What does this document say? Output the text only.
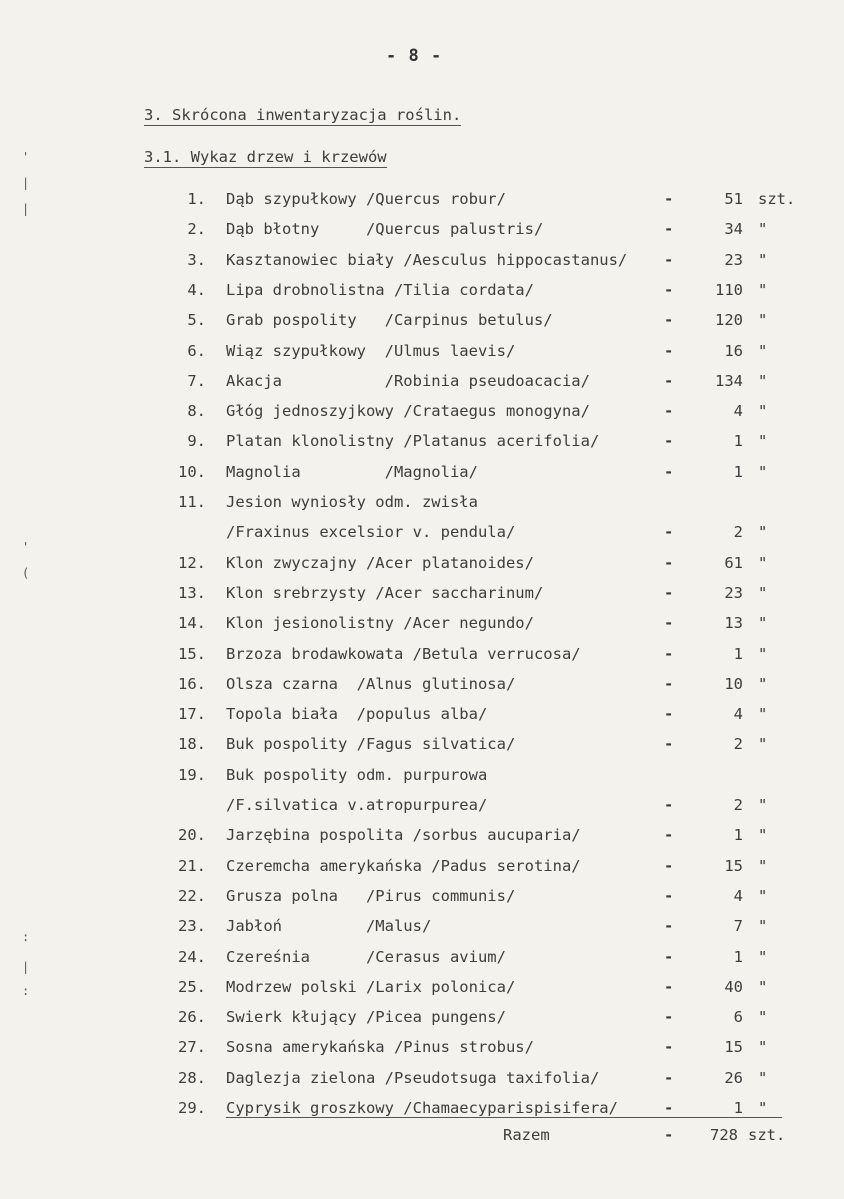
- 8 -
3. Skrócona inwentaryzacja roślin.
3.1. Wykaz drzew i krzewów
1. Dąb szypułkowy /Quercus robur/	-	51 szt.
2. Dąb błotny     /Quercus palustris/	-	34 "
3. Kasztanowiec biały /Aesculus hippocastanus/ -	23 "
4. Lipa drobnolistna /Tilia cordata/	-	110 "
5. Grab pospolity   /Carpinus betulus/	-	120 "
6. Wiąz szypułkowy  /Ulmus laevis/	-	16 "
7. Akacja           /Robinia pseudoacacia/	-	134 "
8. Głóg jednoszyjkowy /Crataegus monogyna/	-	4 "
9. Platan klonolistny /Platanus acerifolia/	-	1 "
10. Magnolia         /Magnolia/	-	1 "
11. Jesion wyniosły odm. zwisła
/Fraxinus excelsior v. pendula/	-	2 "
12. Klon zwyczajny /Acer platanoides/	-	61 "
13. Klon srebrzysty /Acer saccharinum/	-	23 "
14. Klon jesionolistny /Acer negundo/	-	13 "
15. Brzoza brodawkowata /Betula verrucosa/	-	1 "
16. Olsza czarna  /Alnus glutinosa/	-	10 "
17. Topola biała  /populus alba/	-	4 "
18. Buk pospolity /Fagus silvatica/	-	2 "
19. Buk pospolity odm. purpurowa
/F.silvatica v.atropurpurea/	-	2 "
20. Jarzębina pospolita /sorbus aucuparia/	-	1 "
21. Czeremcha amerykańska /Padus serotina/	-	15 "
22. Grusza polna   /Pirus communis/	-	4 "
23. Jabłoń         /Malus/	-	7 "
24. Czereśnia      /Cerasus avium/	-	1 "
25. Modrzew polski /Larix polonica/	-	40 "
26. Swierk kłujący /Picea pungens/	-	6 "
27. Sosna amerykańska /Pinus strobus/	-	15 "
28. Daglezja zielona /Pseudotsuga taxifolia/	-	26 "
29. Cyprysik groszkowy /Chamaecyparispisifera/	-	1 "
Razem	- 728 szt.
'
|
|
'
(
:
|
:
